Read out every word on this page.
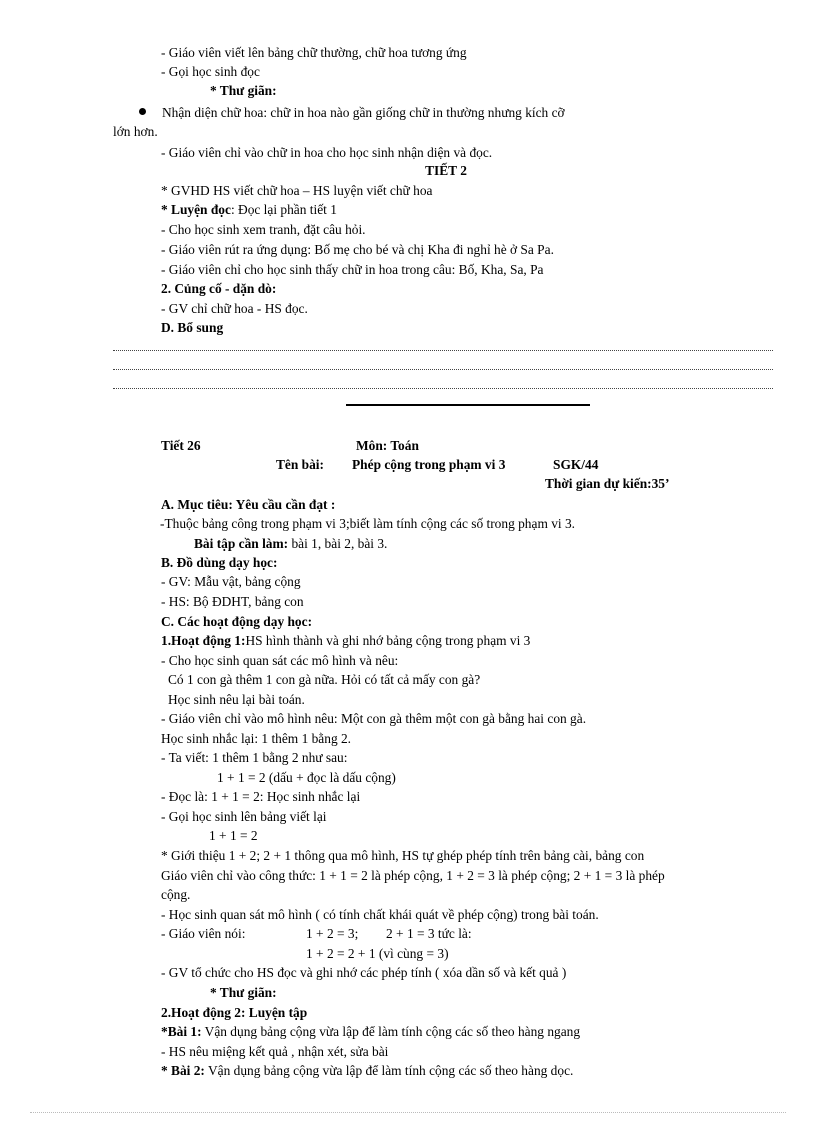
- Giáo viên viết lên bảng chữ thường, chữ hoa tương ứng
- Gọi học sinh đọc
* Thư giãn:
Nhận diện chữ hoa: chữ in hoa nào gần giống chữ in thường nhưng kích cỡ
lớn hơn.
- Giáo viên chỉ vào chữ in hoa cho học sinh nhận diện và đọc.
TIẾT 2
* GVHD HS viết chữ hoa – HS luyện viết chữ hoa
* Luyện đọc: Đọc lại phần tiết 1
- Cho học sinh xem tranh, đặt câu hỏi.
- Giáo viên rút ra ứng dụng: Bố mẹ cho bé và chị Kha đi nghỉ hè ở Sa Pa.
- Giáo viên chỉ cho học sinh thấy chữ in hoa trong câu: Bố, Kha, Sa, Pa
2. Củng cố - dặn dò:
- GV chỉ chữ hoa - HS đọc.
D. Bổ sung
Tiết 26	Môn: Toán
Tên bài: Phép cộng trong phạm vi 3	SGK/44
Thời gian dự kiến:35’
A. Mục tiêu: Yêu cầu cần đạt :
-Thuộc bảng công trong phạm vi 3;biết làm tính cộng các số trong phạm vi 3.
Bài tập cần làm: bài 1, bài 2, bài 3.
B. Đồ dùng dạy học:
- GV: Mẫu vật, bảng cộng
- HS: Bộ ĐDHT, bảng con
C. Các hoạt động dạy học:
1.Hoạt động 1:HS hình thành và ghi nhớ bảng cộng trong phạm vi 3
- Cho học sinh quan sát các mô hình và nêu:
Có 1 con gà thêm 1 con gà nữa. Hỏi có tất cả mấy con gà?
Học sinh nêu lại bài toán.
- Giáo viên chỉ vào mô hình nêu: Một con gà thêm một con gà bằng hai con gà.
Học sinh nhắc lại: 1 thêm 1 bằng 2.
- Ta viết: 1 thêm 1 bằng 2 như sau:
1 + 1 = 2 (dấu + đọc là dấu cộng)
- Đọc là: 1 + 1 = 2: Học sinh nhắc lại
- Gọi học sinh lên bảng viết lại
1 + 1 = 2
* Giới thiệu 1 + 2; 2 + 1 thông qua mô hình, HS tự ghép phép tính trên bảng cài, bảng con
Giáo viên chỉ vào công thức: 1 + 1 = 2 là phép cộng, 1 + 2 = 3 là phép cộng; 2 + 1 = 3 là phép
cộng.
- Học sinh quan sát mô hình ( có tính chất khái quát về phép cộng) trong bài toán.
- Giáo viên nói:	1 + 2 = 3; 2 + 1 = 3 tức là:
1 + 2 = 2 + 1 (vì cùng = 3)
- GV tổ chức cho HS đọc và ghi nhớ các phép tính ( xóa dần số và kết quả )
* Thư giãn:
2.Hoạt động 2: Luyện tập
*Bài 1: Vận dụng bảng cộng vừa lập để làm tính cộng các số theo hàng ngang
- HS nêu miệng kết quả , nhận xét, sửa bài
* Bài 2: Vận dụng bảng cộng vừa lập để làm tính cộng các số theo hàng dọc.
